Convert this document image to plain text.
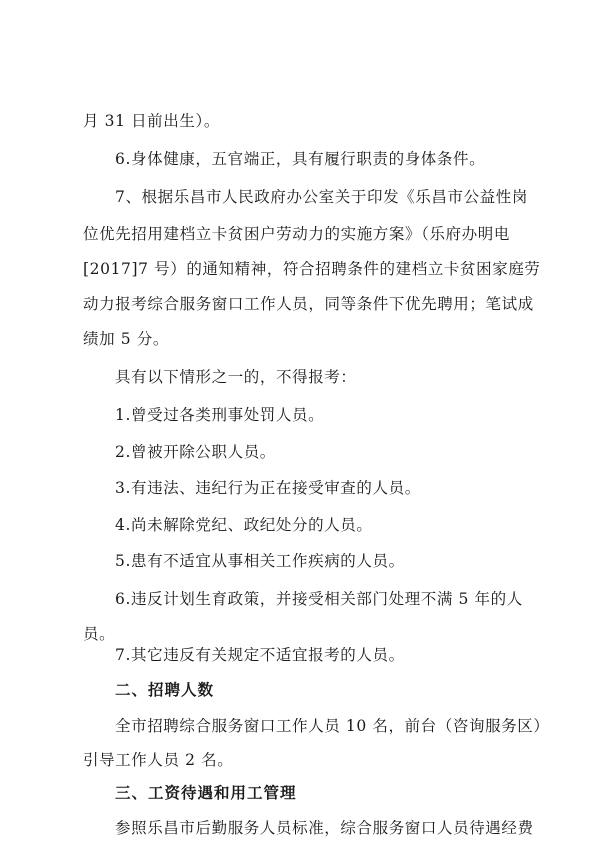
月 31 日前出生）。
6.身体健康，五官端正，具有履行职责的身体条件。
7、根据乐昌市人民政府办公室关于印发《乐昌市公益性岗
位优先招用建档立卡贫困户劳动力的实施方案》（乐府办明电
[2017]7 号）的通知精神，符合招聘条件的建档立卡贫困家庭劳
动力报考综合服务窗口工作人员，同等条件下优先聘用；笔试成
绩加 5 分。
具有以下情形之一的，不得报考：
1.曾受过各类刑事处罚人员。
2.曾被开除公职人员。
3.有违法、违纪行为正在接受审查的人员。
4.尚未解除党纪、政纪处分的人员。
5.患有不适宜从事相关工作疾病的人员。
6.违反计划生育政策，并接受相关部门处理不满 5 年的人
员。
7.其它违反有关规定不适宜报考的人员。
二、招聘人数
全市招聘综合服务窗口工作人员 10 名，前台（咨询服务区）
引导工作人员 2 名。
三、工资待遇和用工管理
参照乐昌市后勤服务人员标准，综合服务窗口人员待遇经费
